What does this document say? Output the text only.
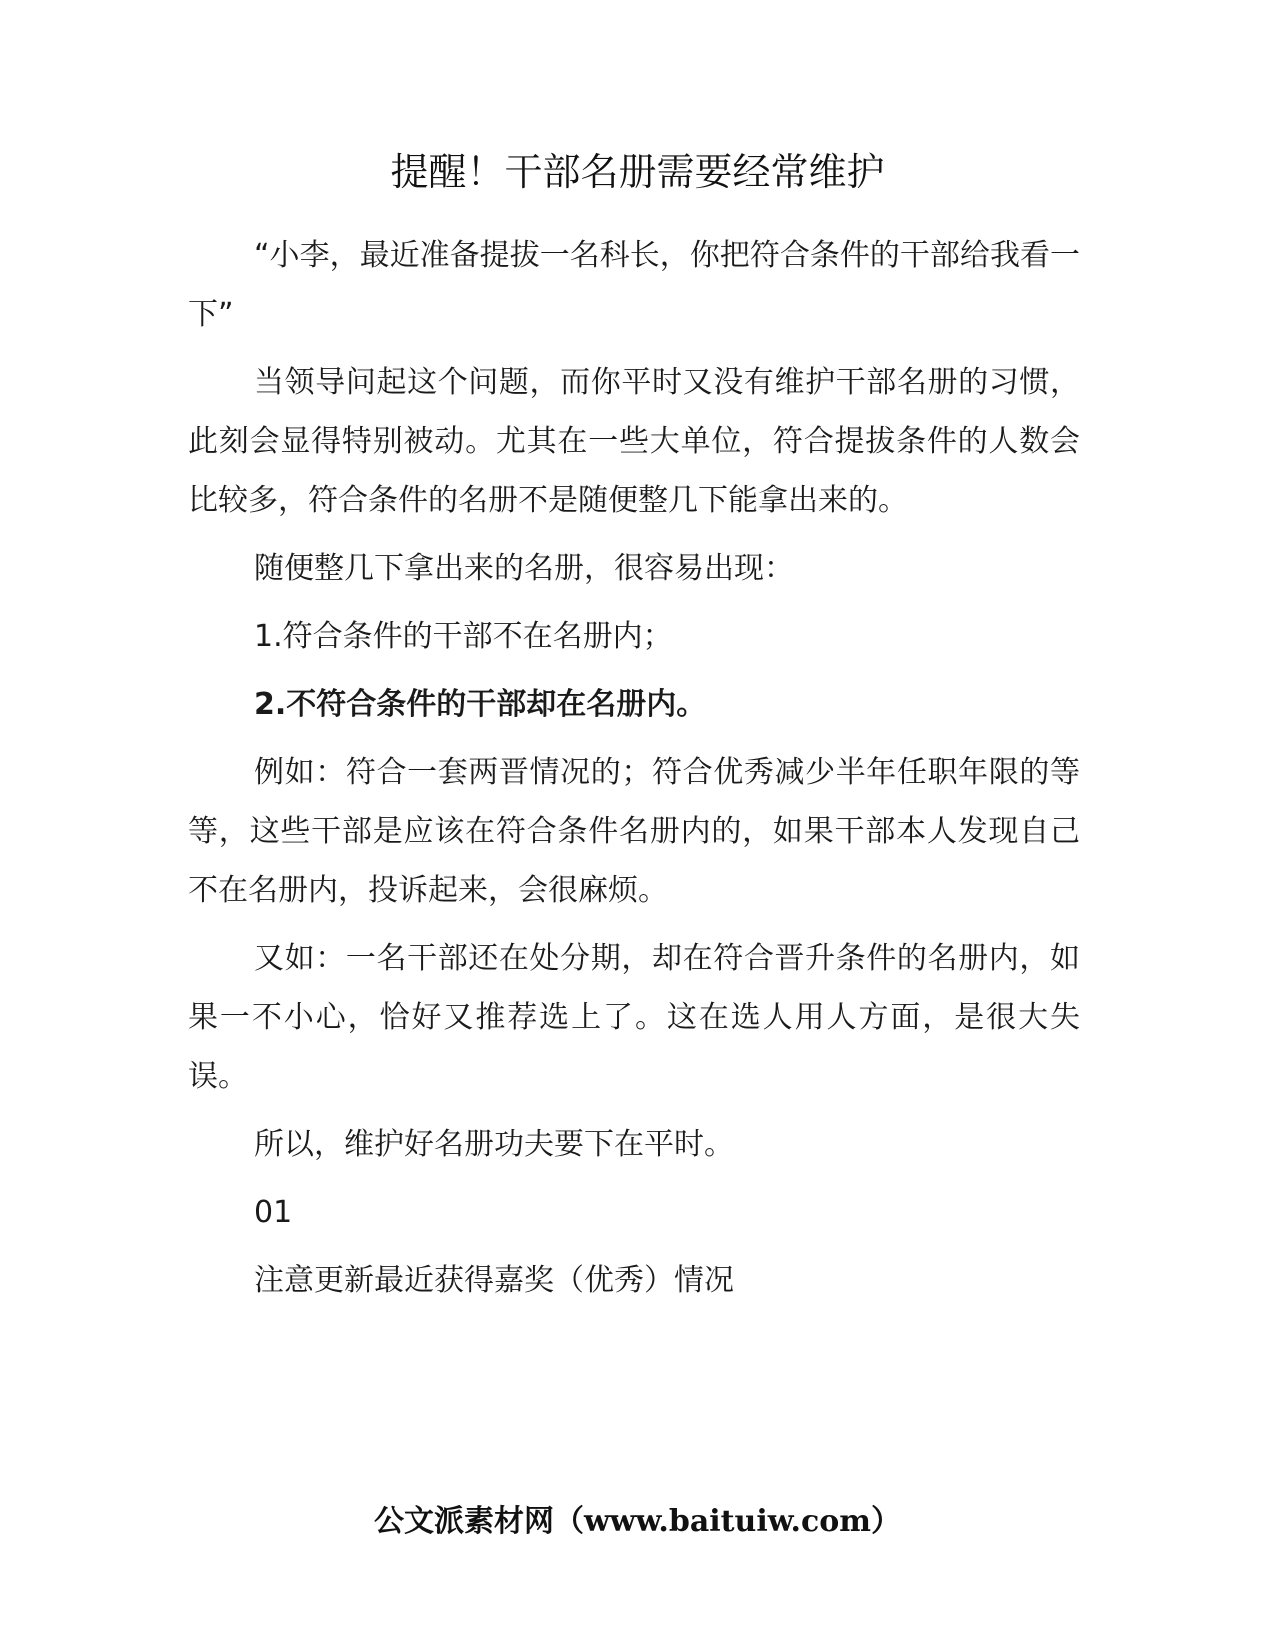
提醒！干部名册需要经常维护

“小李，最近准备提拔一名科长，你把符合条件的干部给我看一下”

当领导问起这个问题，而你平时又没有维护干部名册的习惯，此刻会显得特别被动。尤其在一些大单位，符合提拔条件的人数会比较多，符合条件的名册不是随便整几下能拿出来的。

随便整几下拿出来的名册，很容易出现：

1.符合条件的干部不在名册内；

2.不符合条件的干部却在名册内。

例如：符合一套两晋情况的；符合优秀减少半年任职年限的等等，这些干部是应该在符合条件名册内的，如果干部本人发现自己不在名册内，投诉起来，会很麻烦。

又如：一名干部还在处分期，却在符合晋升条件的名册内，如果一不小心，恰好又推荐选上了。这在选人用人方面，是很大失误。

所以，维护好名册功夫要下在平时。

01

注意更新最近获得嘉奖（优秀）情况

公文派素材网（www.baituiw.com）
